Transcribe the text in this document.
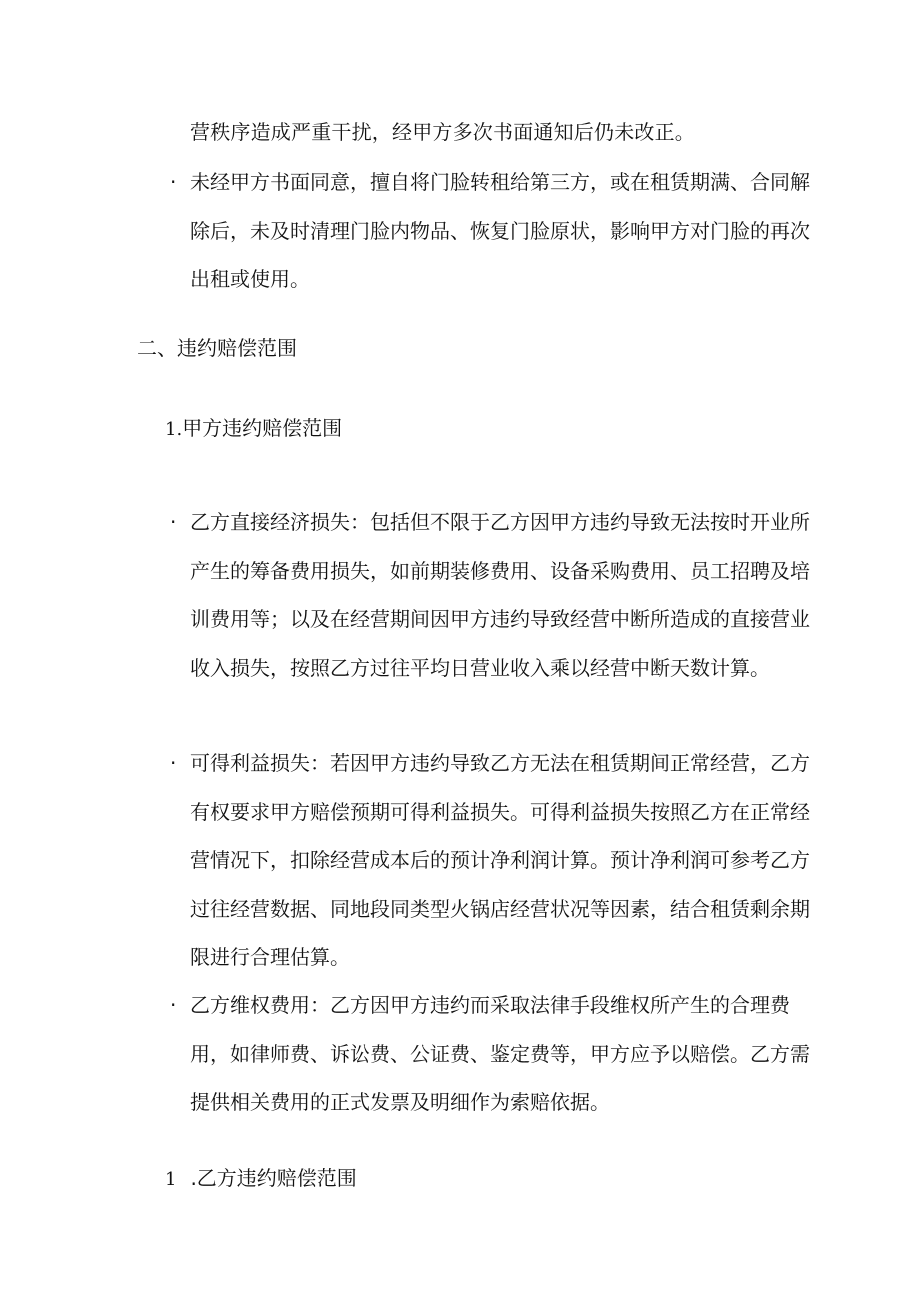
营秩序造成严重干扰，经甲方多次书面通知后仍未改正。
· 未经甲方书面同意，擅自将门脸转租给第三方，或在租赁期满、合同解除后，未及时清理门脸内物品、恢复门脸原状，影响甲方对门脸的再次出租或使用。
二、违约赔偿范围
1.甲方违约赔偿范围
· 乙方直接经济损失：包括但不限于乙方因甲方违约导致无法按时开业所产生的筹备费用损失，如前期装修费用、设备采购费用、员工招聘及培训费用等；以及在经营期间因甲方违约导致经营中断所造成的直接营业收入损失，按照乙方过往平均日营业收入乘以经营中断天数计算。
· 可得利益损失：若因甲方违约导致乙方无法在租赁期间正常经营，乙方有权要求甲方赔偿预期可得利益损失。可得利益损失按照乙方在正常经营情况下，扣除经营成本后的预计净利润计算。预计净利润可参考乙方过往经营数据、同地段同类型火锅店经营状况等因素，结合租赁剩余期限进行合理估算。
· 乙方维权费用：乙方因甲方违约而采取法律手段维权所产生的合理费用，如律师费、诉讼费、公证费、鉴定费等，甲方应予以赔偿。乙方需提供相关费用的正式发票及明细作为索赔依据。
1 .乙方违约赔偿范围
